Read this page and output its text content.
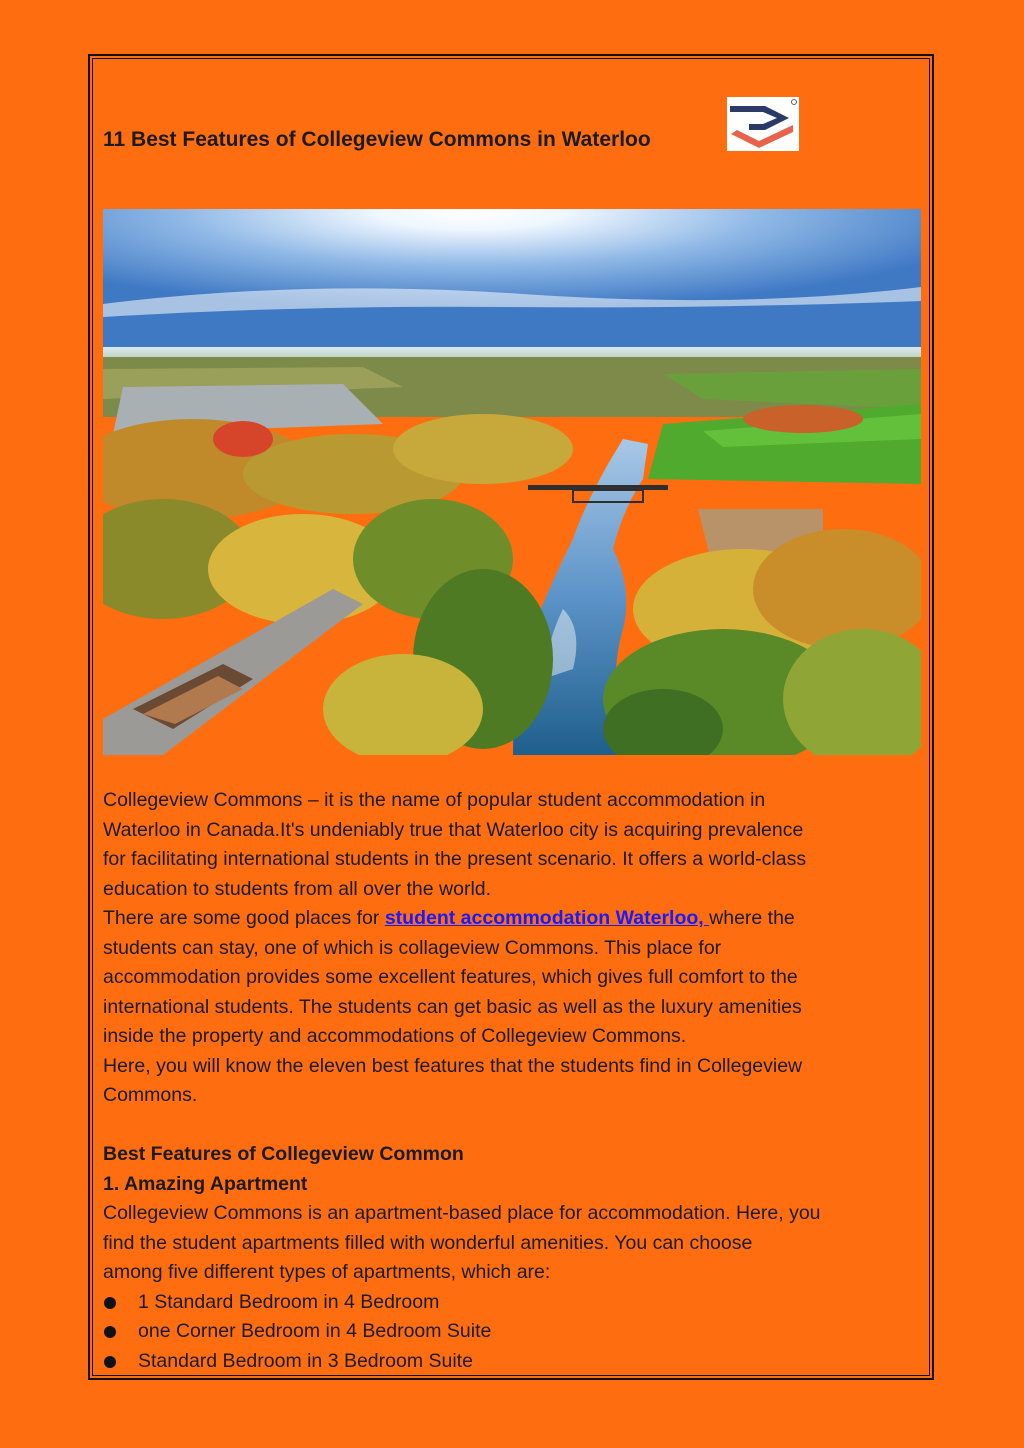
11 Best Features of Collegeview Commons in Waterloo

Collegeview Commons – it is the name of popular student accommodation in

Waterloo in Canada.It's undeniably true that Waterloo city is acquiring prevalence

for facilitating international students in the present scenario. It offers a world-class

education to students from all over the world.

There are some good places for student accommodation Waterloo, where the

students can stay, one of which is collageview Commons. This place for

accommodation provides some excellent features, which gives full comfort to the

international students. The students can get basic as well as the luxury amenities

inside the property and accommodations of Collegeview Commons.

Here, you will know the eleven best features that the students find in Collegeview

Commons.

Best Features of Collegeview Common

1. Amazing Apartment

Collegeview Commons is an apartment-based place for accommodation. Here, you

find the student apartments filled with wonderful amenities. You can choose

among five different types of apartments, which are:

1 Standard Bedroom in 4 Bedroom
one Corner Bedroom in 4 Bedroom Suite
Standard Bedroom in 3 Bedroom Suite
